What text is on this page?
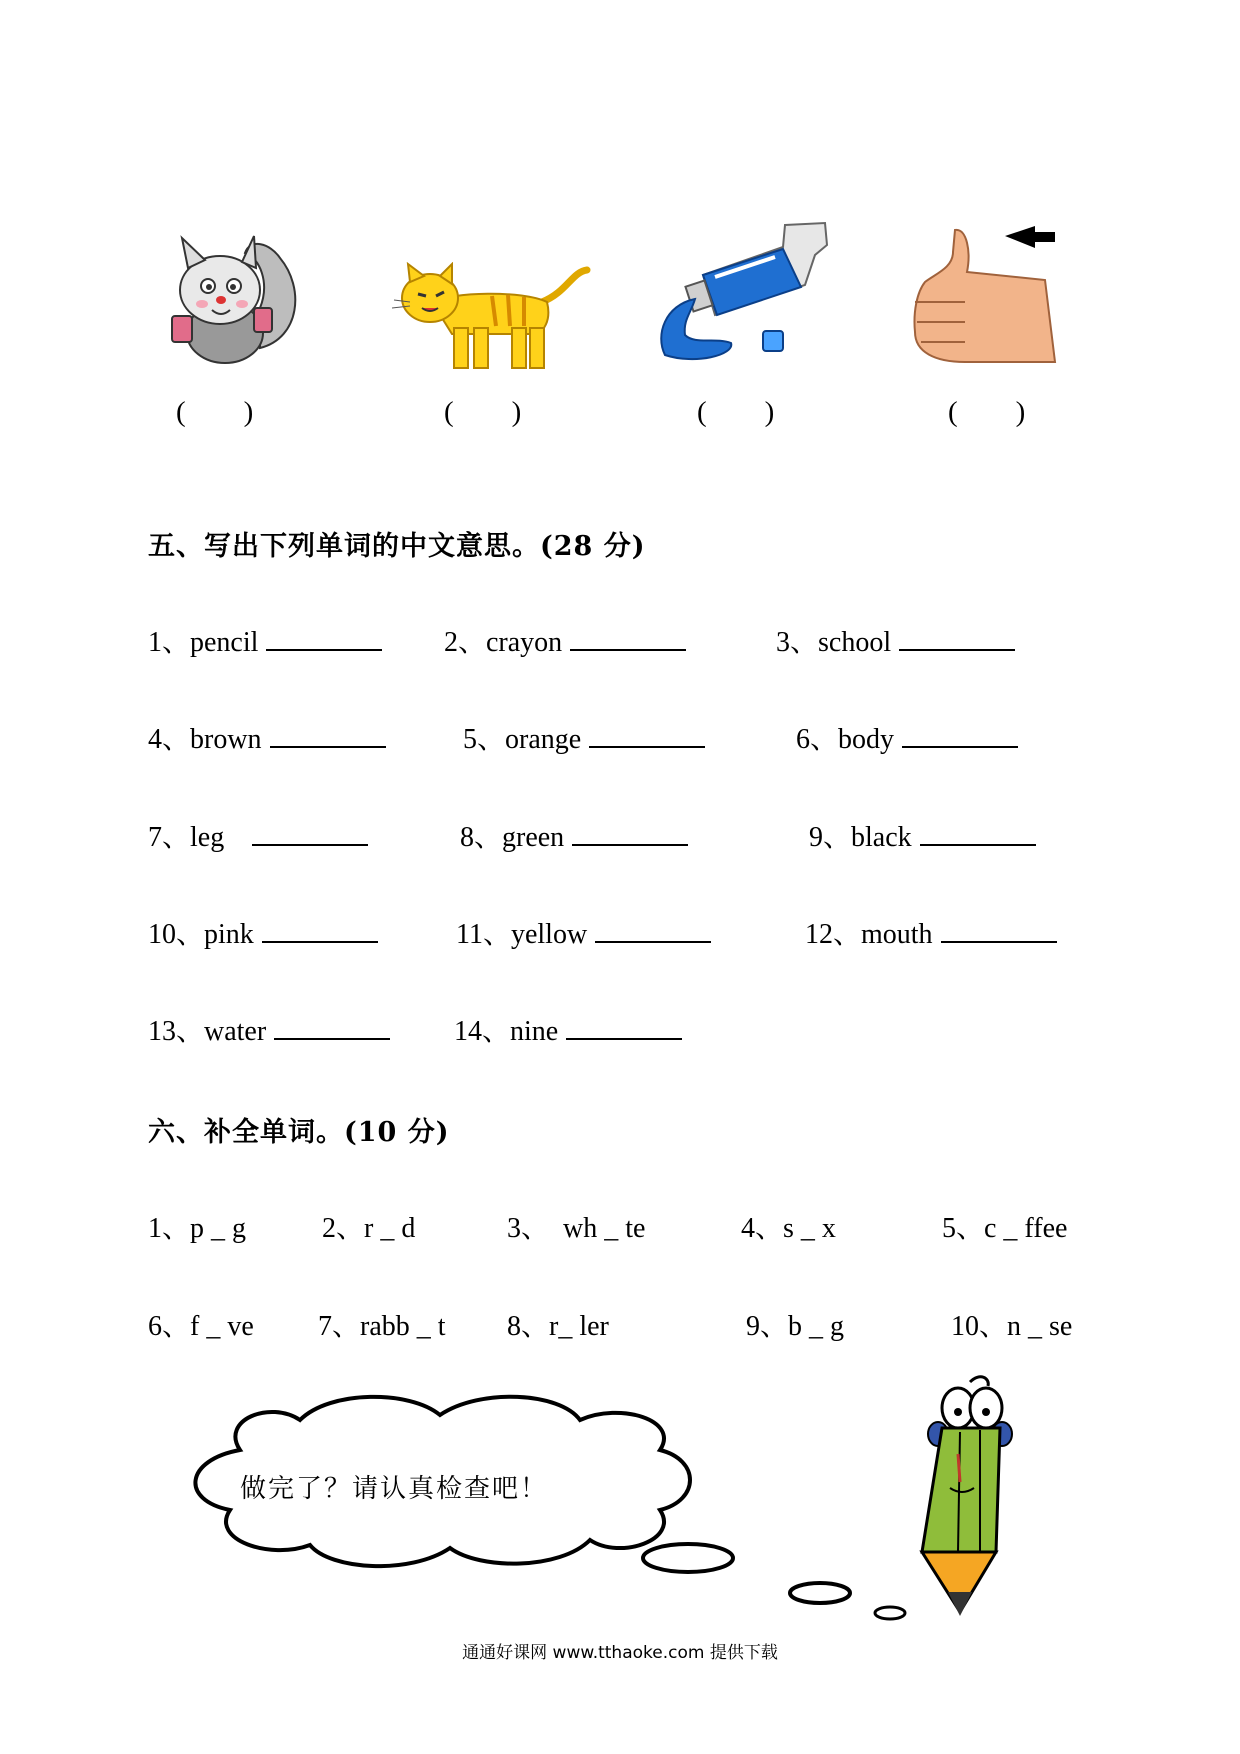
(        )	(        )	(        )	(        )
五、写出下列单词的中文意思。(28 分)
1、pencil	2、crayon	3、school
4、brown	5、orange	6、body
7、leg	8、green	9、black
10、pink	11、yellow	12、mouth
13、water	14、nine
六、补全单词。(10 分)
1、p _ g	2、r _ d	3、  wh _ te	4、s _ x	5、c _ ffee
6、f _ ve 7、rabb _ t 8、r_ ler	9、b _ g	10、n _ se
做完了？请认真检查吧！
通通好课网 www.tthaoke.com 提供下载
